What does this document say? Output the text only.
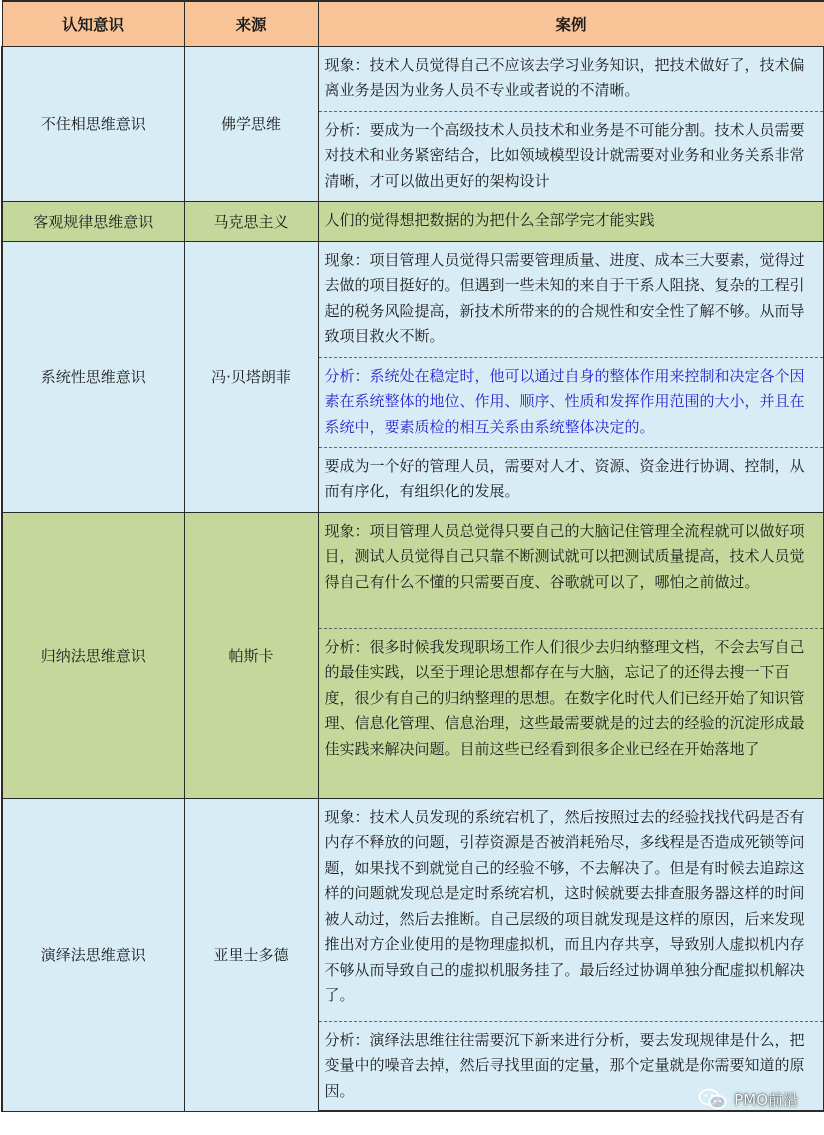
认知意识	来源	案例
不住相思维意识	佛学思维	现象：技术人员觉得自己不应该去学习业务知识，把技术做好了，技术偏离业务是因为业务人员不专业或者说的不清晰。
		分析：要成为一个高级技术人员技术和业务是不可能分割。技术人员需要对技术和业务紧密结合，比如领域模型设计就需要对业务和业务关系非常清晰，才可以做出更好的架构设计
客观规律思维意识	马克思主义	人们的觉得想把数据的为把什么全部学完才能实践
系统性思维意识	冯·贝塔朗菲	现象：项目管理人员觉得只需要管理质量、进度、成本三大要素，觉得过去做的项目挺好的。但遇到一些未知的来自于干系人阻挠、复杂的工程引起的税务风险提高，新技术所带来的的合规性和安全性了解不够。从而导致项目救火不断。
		分析：系统处在稳定时，他可以通过自身的整体作用来控制和决定各个因素在系统整体的地位、作用、顺序、性质和发挥作用范围的大小，并且在系统中，要素质检的相互关系由系统整体决定的。
		要成为一个好的管理人员，需要对人才、资源、资金进行协调、控制，从而有序化，有组织化的发展。
归纳法思维意识	帕斯卡	现象：项目管理人员总觉得只要自己的大脑记住管理全流程就可以做好项目，测试人员觉得自己只靠不断测试就可以把测试质量提高，技术人员觉得自己有什么不懂的只需要百度、谷歌就可以了，哪怕之前做过。
		分析：很多时候我发现职场工作人们很少去归纳整理文档，不会去写自己的最佳实践，以至于理论思想都存在与大脑，忘记了的还得去搜一下百度，很少有自己的归纳整理的思想。在数字化时代人们已经开始了知识管理、信息化管理、信息治理，这些最需要就是的过去的经验的沉淀形成最佳实践来解决问题。目前这些已经看到很多企业已经在开始落地了
演绎法思维意识	亚里士多德	现象：技术人员发现的系统宕机了，然后按照过去的经验找找代码是否有内存不释放的问题，引荐资源是否被消耗殆尽，多线程是否造成死锁等问题，如果找不到就觉自己的经验不够，不去解决了。但是有时候去追踪这样的问题就发现总是定时系统宕机，这时候就要去排查服务器这样的时间被人动过，然后去推断。自己层级的项目就发现是这样的原因，后来发现推出对方企业使用的是物理虚拟机，而且内存共享，导致别人虚拟机内存不够从而导致自己的虚拟机服务挂了。最后经过协调单独分配虚拟机解决了。
		分析：演绎法思维往往需要沉下新来进行分析，要去发现规律是什么，把变量中的噪音去掉，然后寻找里面的定量，那个定量就是你需要知道的原因。	PMO前沿
